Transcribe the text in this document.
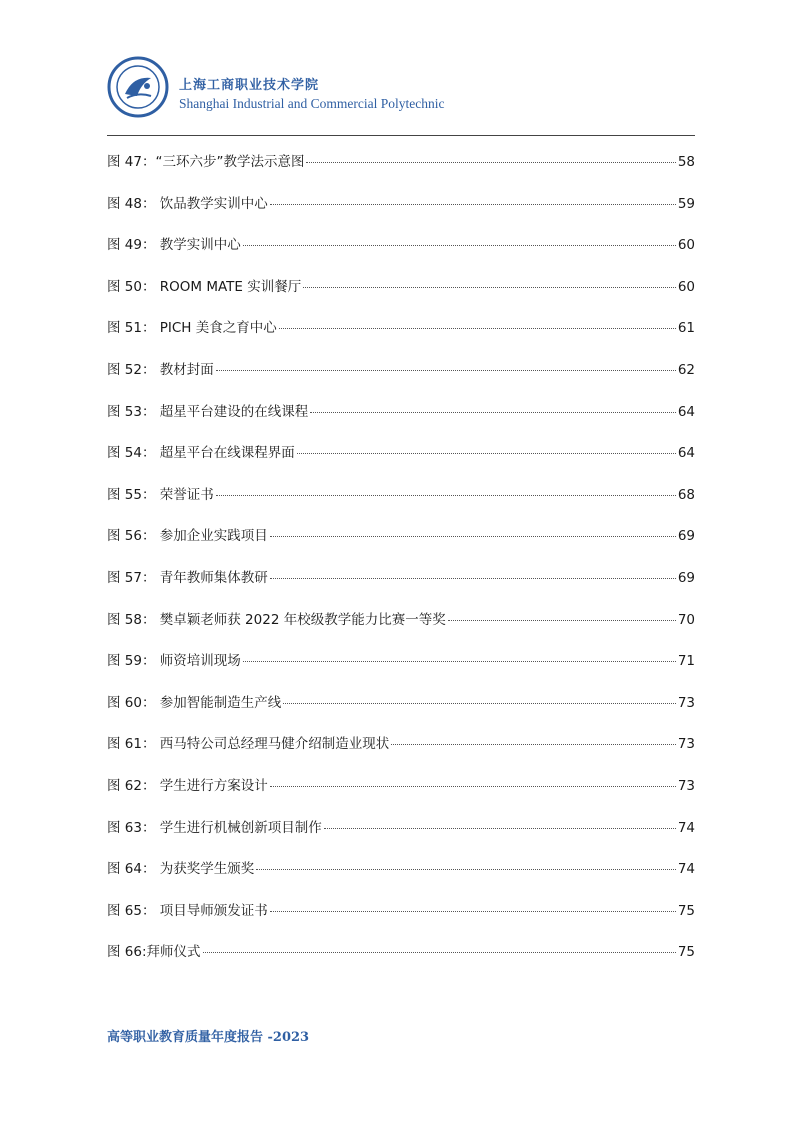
上海工商职业技术学院
Shanghai Industrial and Commercial Polytechnic
图 47：“三环六步”教学法示意图	58
图 48： 饮品教学实训中心	59
图 49： 教学实训中心	60
图 50： ROOM MATE 实训餐厅	60
图 51： PICH 美食之育中心	61
图 52： 教材封面	62
图 53： 超星平台建设的在线课程	64
图 54： 超星平台在线课程界面	64
图 55： 荣誉证书	68
图 56： 参加企业实践项目	69
图 57： 青年教师集体教研	69
图 58： 樊卓颖老师获 2022 年校级教学能力比赛一等奖	70
图 59： 师资培训现场	71
图 60： 参加智能制造生产线	73
图 61： 西马特公司总经理马健介绍制造业现状	73
图 62： 学生进行方案设计	73
图 63： 学生进行机械创新项目制作	74
图 64： 为获奖学生颁奖	74
图 65： 项目导师颁发证书	75
图 66:拜师仪式	75
高等职业教育质量年度报告 -2023
